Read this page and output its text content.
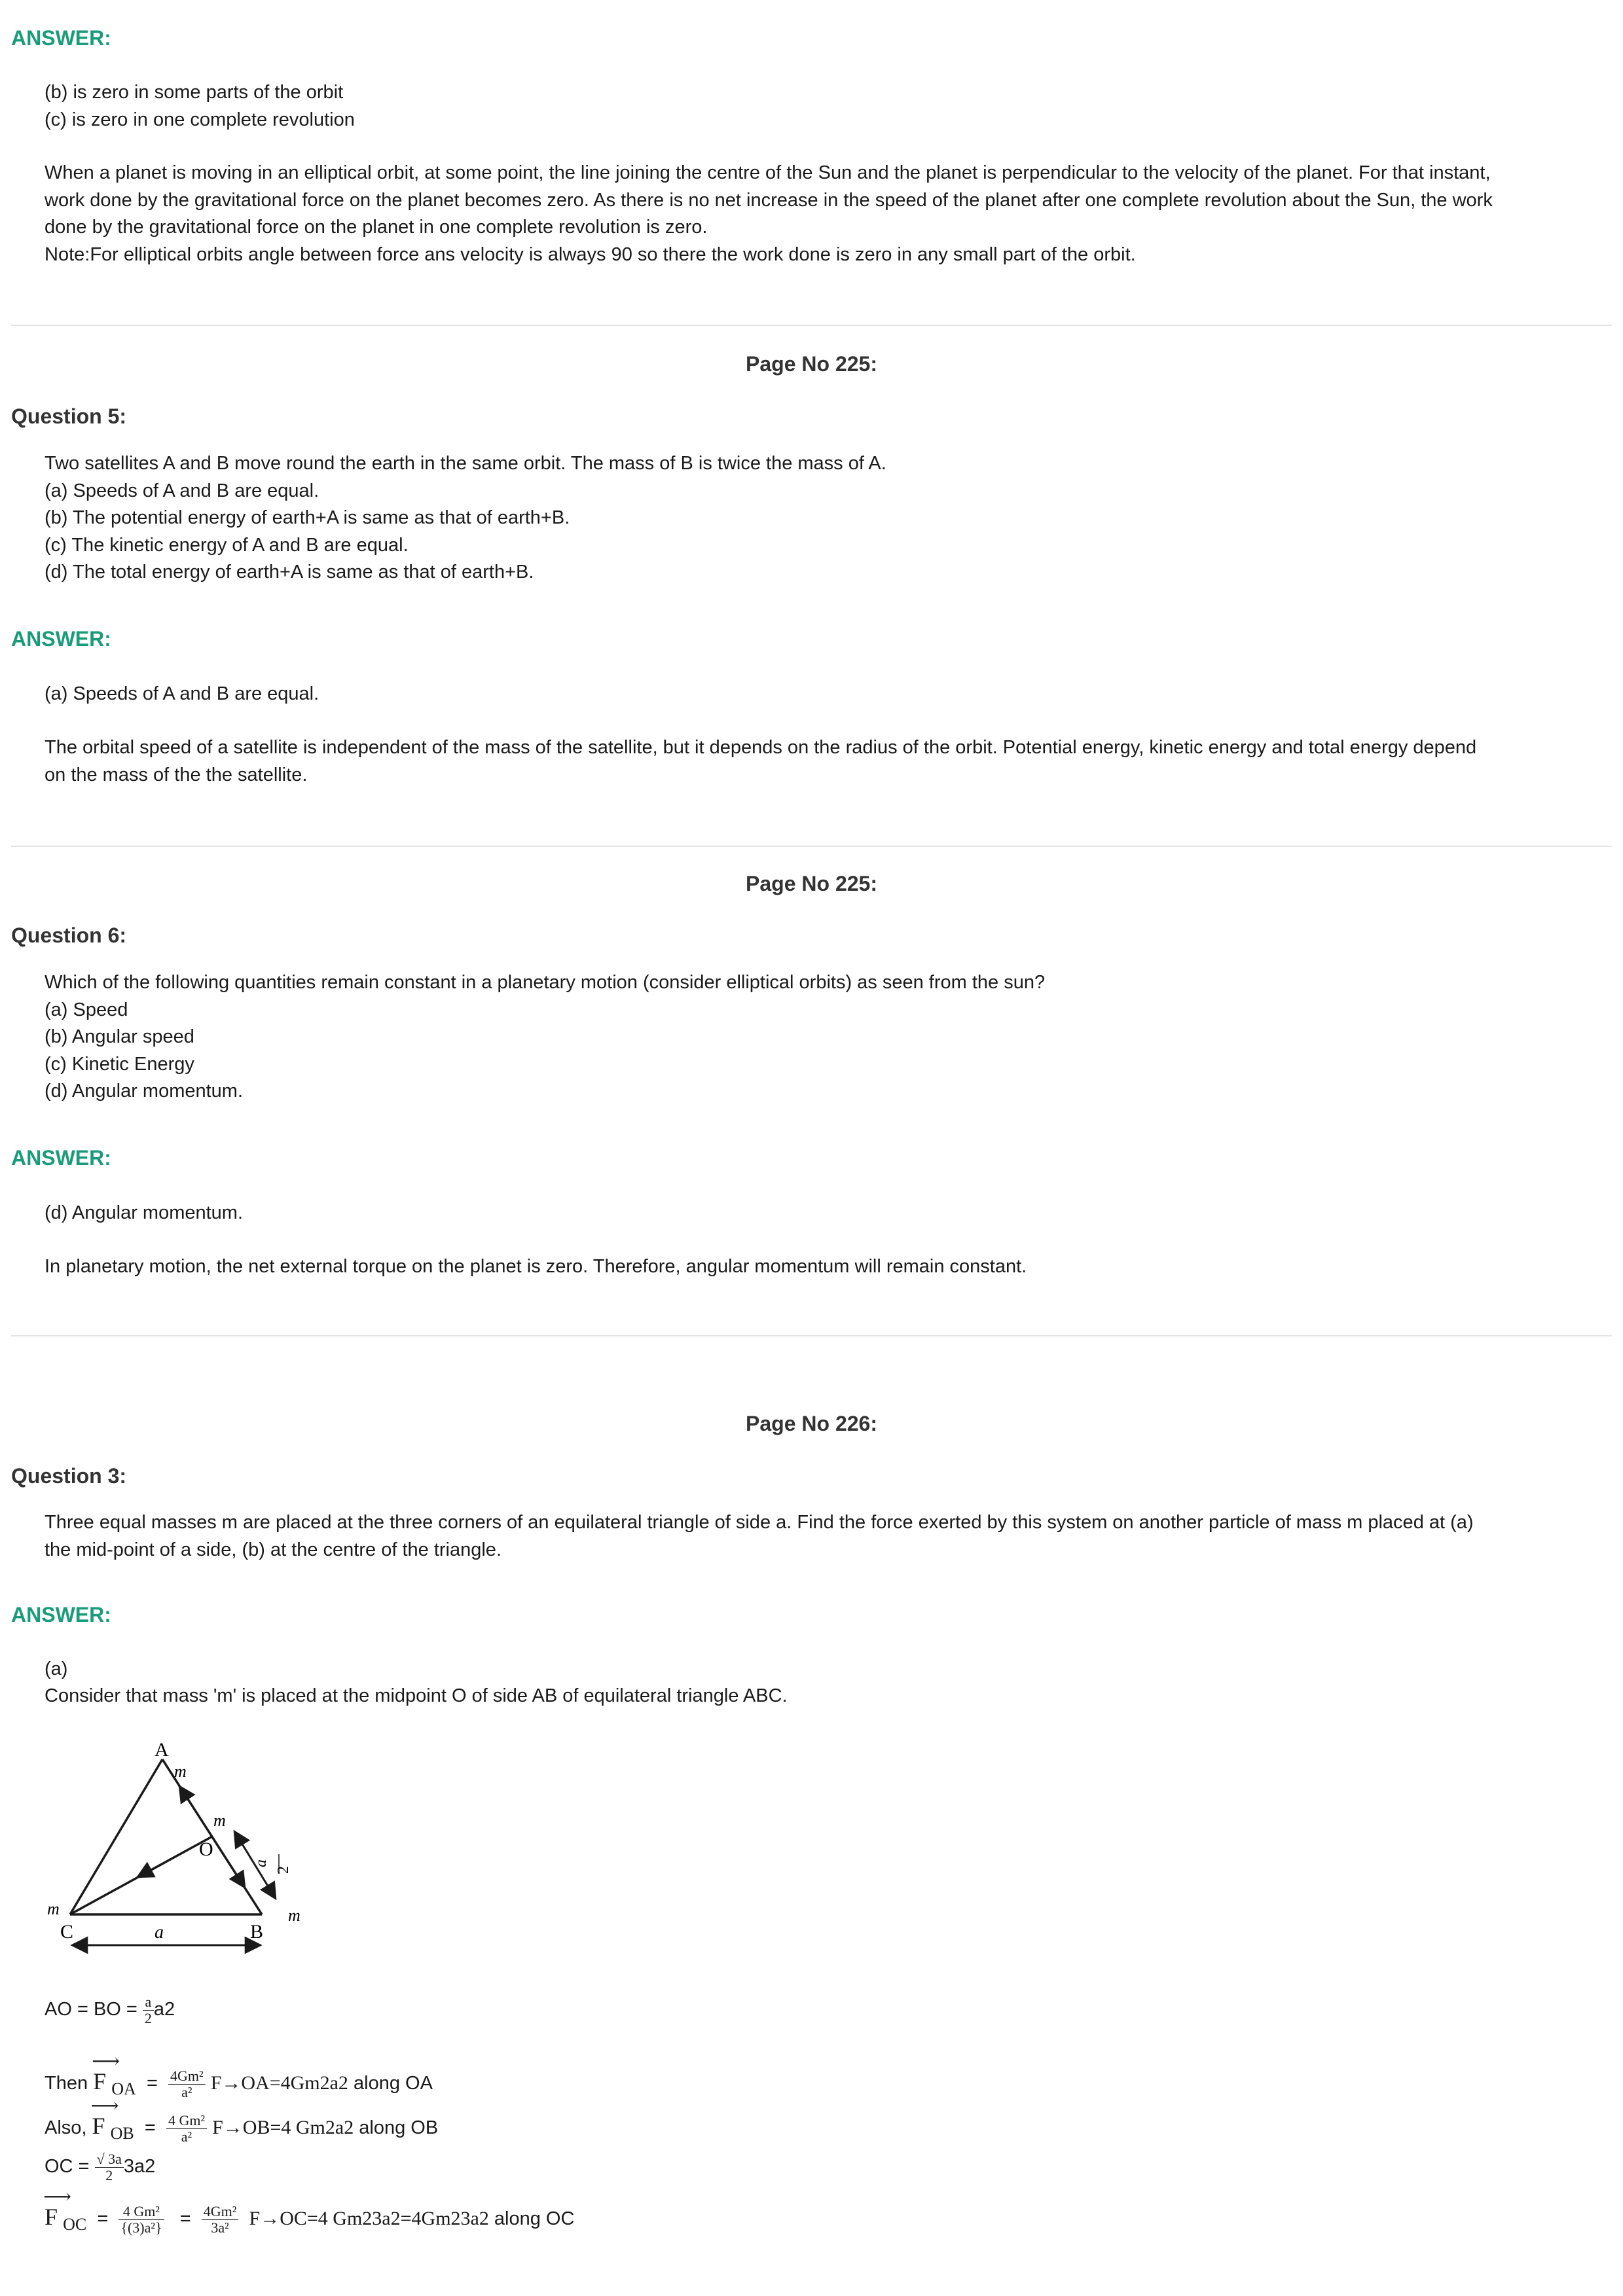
ANSWER:
(b) is zero in some parts of the orbit
(c) is zero in one complete revolution
When a planet is moving in an elliptical orbit, at some point, the line joining the centre of the Sun and the planet is perpendicular to the velocity of the planet. For that instant,
work done by the gravitational force on the planet becomes zero. As there is no net increase in the speed of the planet after one complete revolution about the Sun, the work
done by the gravitational force on the planet in one complete revolution is zero.
Note:For elliptical orbits angle between force ans velocity is always 90 so there the work done is zero in any small part of the orbit.
Page No 225:
Question 5:
Two satellites A and B move round the earth in the same orbit. The mass of B is twice the mass of A.
(a) Speeds of A and B are equal.
(b) The potential energy of earth+A is same as that of earth+B.
(c) The kinetic energy of A and B are equal.
(d) The total energy of earth+A is same as that of earth+B.
ANSWER:
(a) Speeds of A and B are equal.
The orbital speed of a satellite is independent of the mass of the satellite, but it depends on the radius of the orbit. Potential energy, kinetic energy and total energy depend
on the mass of the the satellite.
Page No 225:
Question 6:
Which of the following quantities remain constant in a planetary motion (consider elliptical orbits) as seen from the sun?
(a) Speed
(b) Angular speed
(c) Kinetic Energy
(d) Angular momentum.
ANSWER:
(d) Angular momentum.
In planetary motion, the net external torque on the planet is zero. Therefore, angular momentum will remain constant.
Page No 226:
Question 3:
Three equal masses m are placed at the three corners of an equilateral triangle of side a. Find the force exerted by this system on another particle of mass m placed at (a)
the mid-point of a side, (b) at the centre of the triangle.
ANSWER:
(a)
Consider that mass 'm' is placed at the midpoint O of side AB of equilateral triangle ABC.
A
m
m
O
a
2
m
m
C	B
a
AO = BO = $\frac{a}{2} a2$
Then
⟶
F OA = $\frac{\text{4Gm²}}{\text{a²}} F\to OA=4Gm2a2$ along OA
Also,
⟶
F OB = $\frac{\text{4 Gm²}}{\text{a²}} F\to OB=4$ Gm2a2 along OB
OC = $\frac{√ 3a}{2} 3a2$
⟶
F OC = $\frac{\text{4 Gm²}}{\text{\{(3)a²\}}} = \frac{\text{4Gm²}}{\text{3a²}} F\to OC=4$ Gm23a2=4Gm23a2 along OC
